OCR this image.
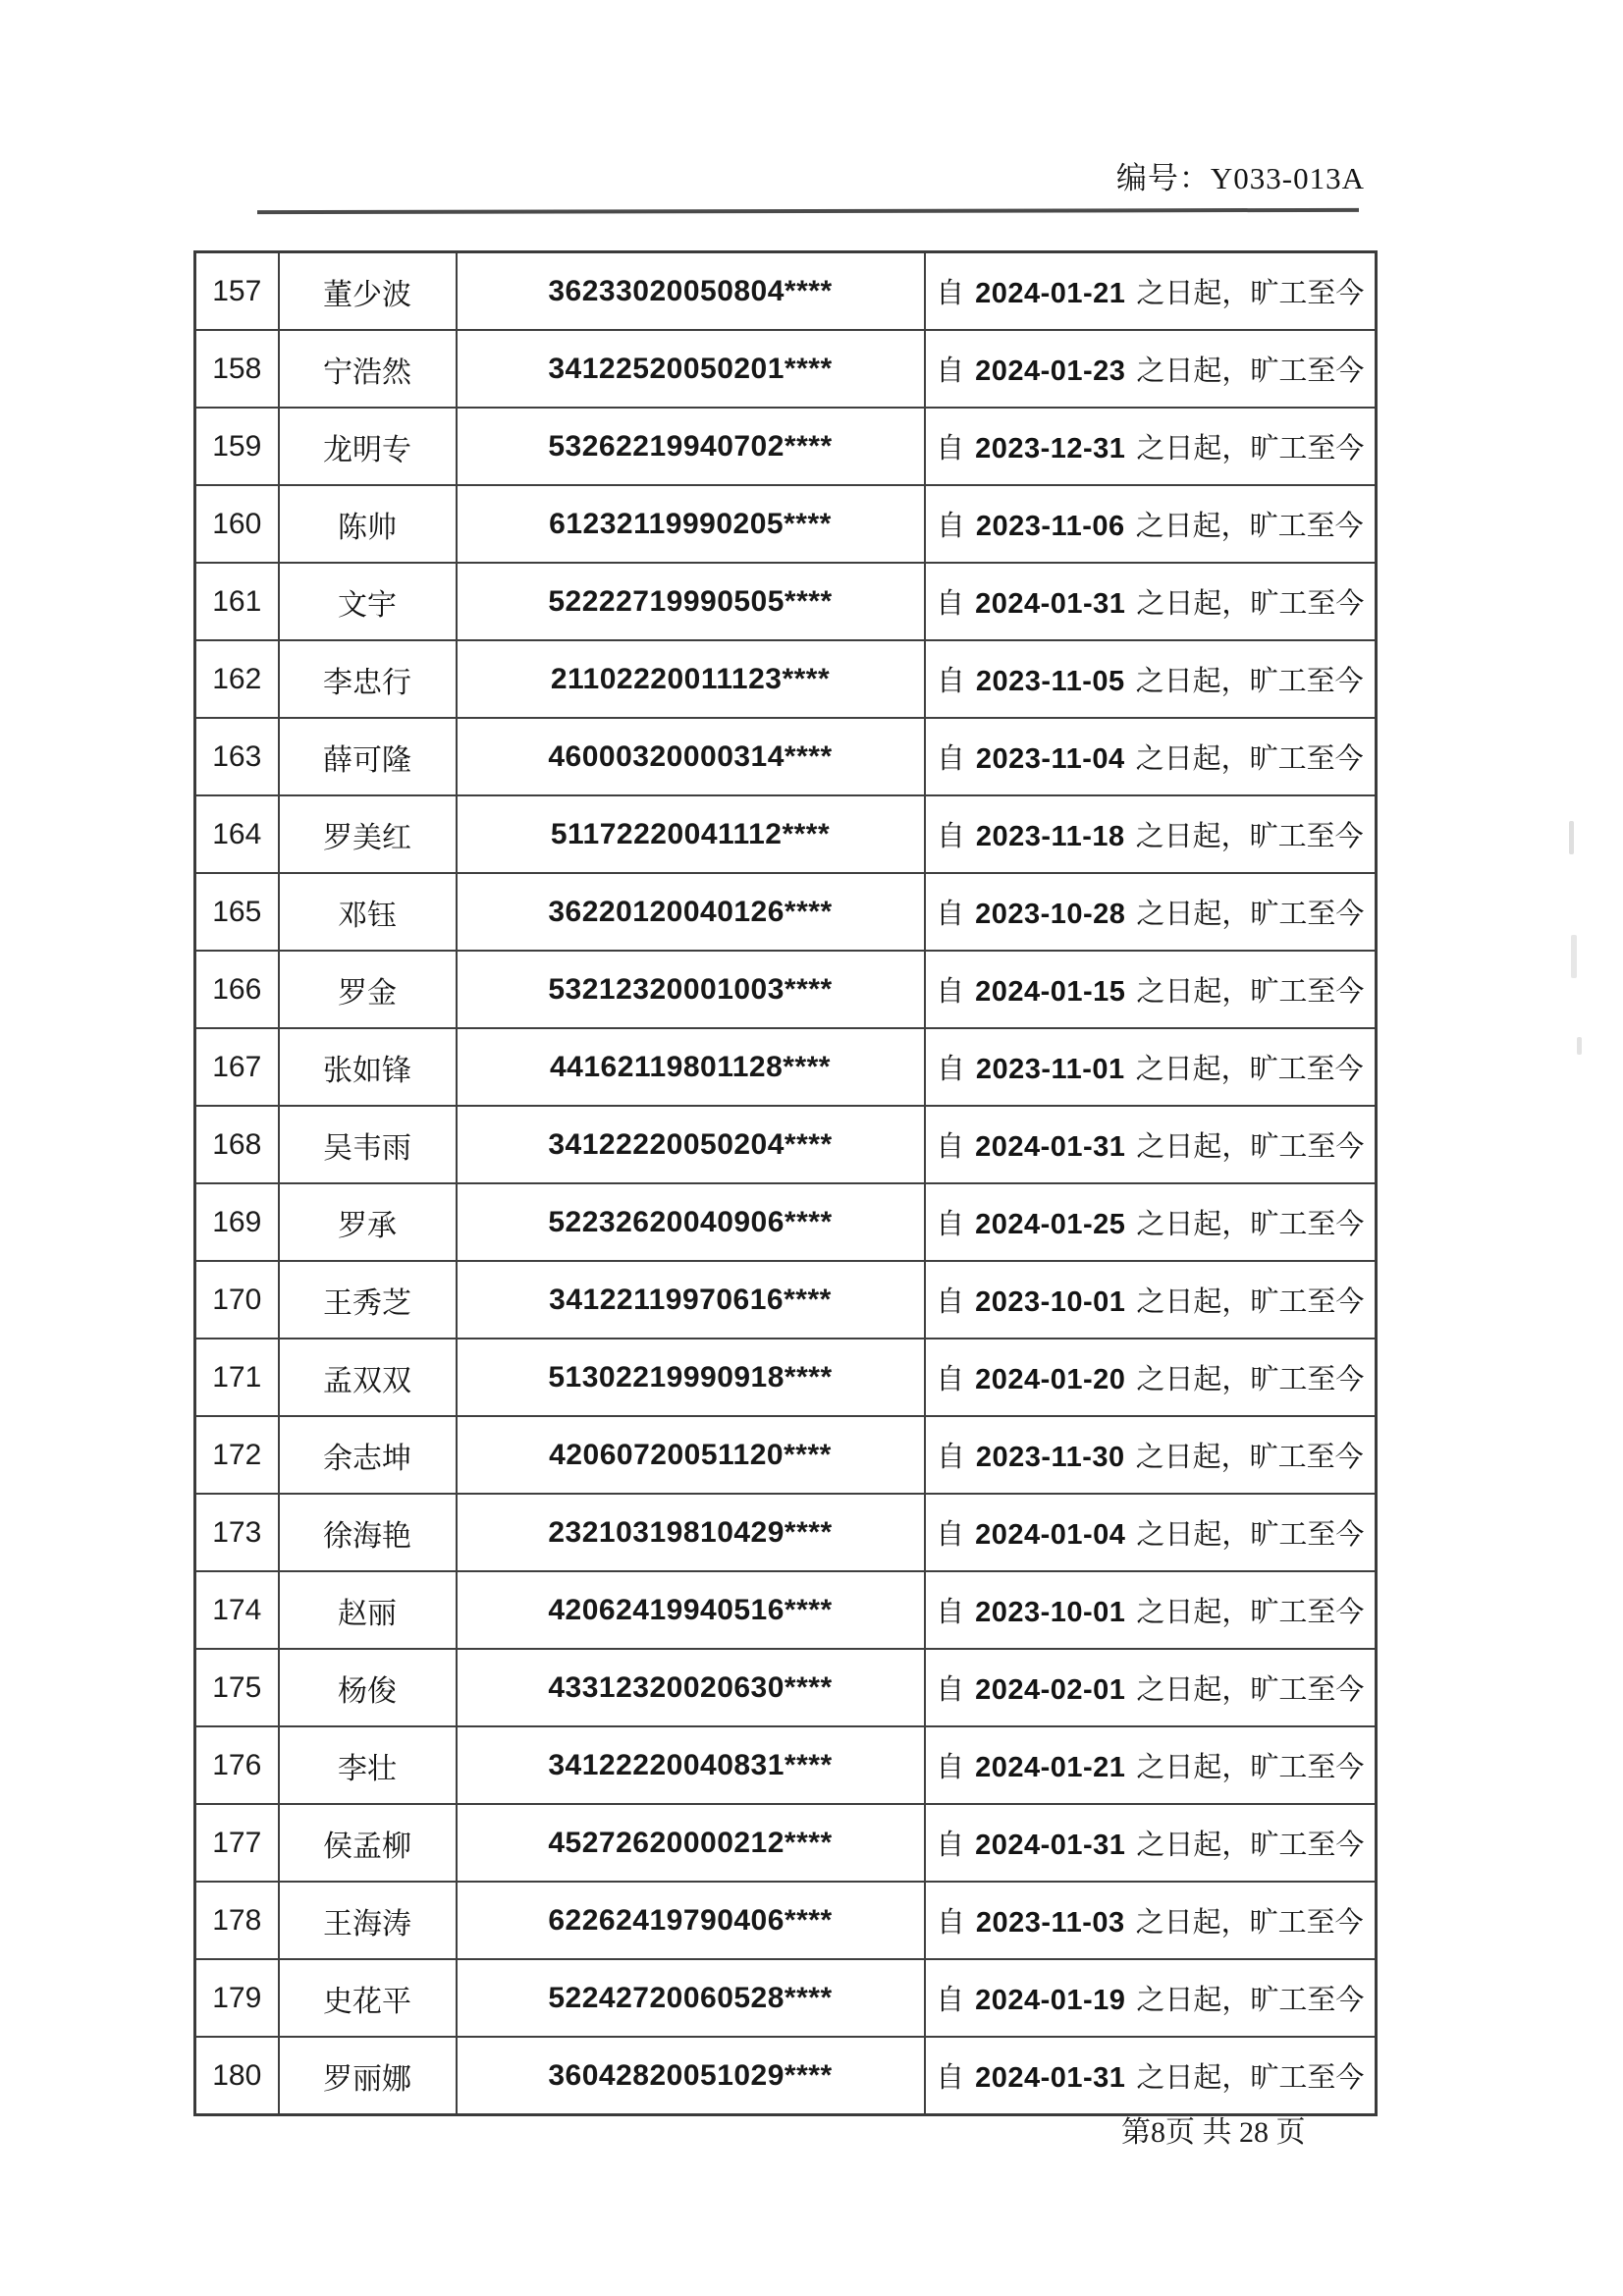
编号：Y033-013A
157	董少波	36233020050804****	自 2024-01-21 之日起，旷工至今
158	宁浩然	34122520050201****	自 2024-01-23 之日起，旷工至今
159	龙明专	53262219940702****	自 2023-12-31 之日起，旷工至今
160	陈帅	61232119990205****	自 2023-11-06 之日起，旷工至今
161	文宇	52222719990505****	自 2024-01-31 之日起，旷工至今
162	李忠行	21102220011123****	自 2023-11-05 之日起，旷工至今
163	薛可隆	46000320000314****	自 2023-11-04 之日起，旷工至今
164	罗美红	51172220041112****	自 2023-11-18 之日起，旷工至今
165	邓钰	36220120040126****	自 2023-10-28 之日起，旷工至今
166	罗金	53212320001003****	自 2024-01-15 之日起，旷工至今
167	张如锋	44162119801128****	自 2023-11-01 之日起，旷工至今
168	吴韦雨	34122220050204****	自 2024-01-31 之日起，旷工至今
169	罗承	52232620040906****	自 2024-01-25 之日起，旷工至今
170	王秀芝	34122119970616****	自 2023-10-01 之日起，旷工至今
171	孟双双	51302219990918****	自 2024-01-20 之日起，旷工至今
172	余志坤	42060720051120****	自 2023-11-30 之日起，旷工至今
173	徐海艳	23210319810429****	自 2024-01-04 之日起，旷工至今
174	赵丽	42062419940516****	自 2023-10-01 之日起，旷工至今
175	杨俊	43312320020630****	自 2024-02-01 之日起，旷工至今
176	李壮	34122220040831****	自 2024-01-21 之日起，旷工至今
177	侯孟柳	45272620000212****	自 2024-01-31 之日起，旷工至今
178	王海涛	62262419790406****	自 2023-11-03 之日起，旷工至今
179	史花平	52242720060528****	自 2024-01-19 之日起，旷工至今
180	罗丽娜	36042820051029****	自 2024-01-31 之日起，旷工至今
第8页 共 28 页
